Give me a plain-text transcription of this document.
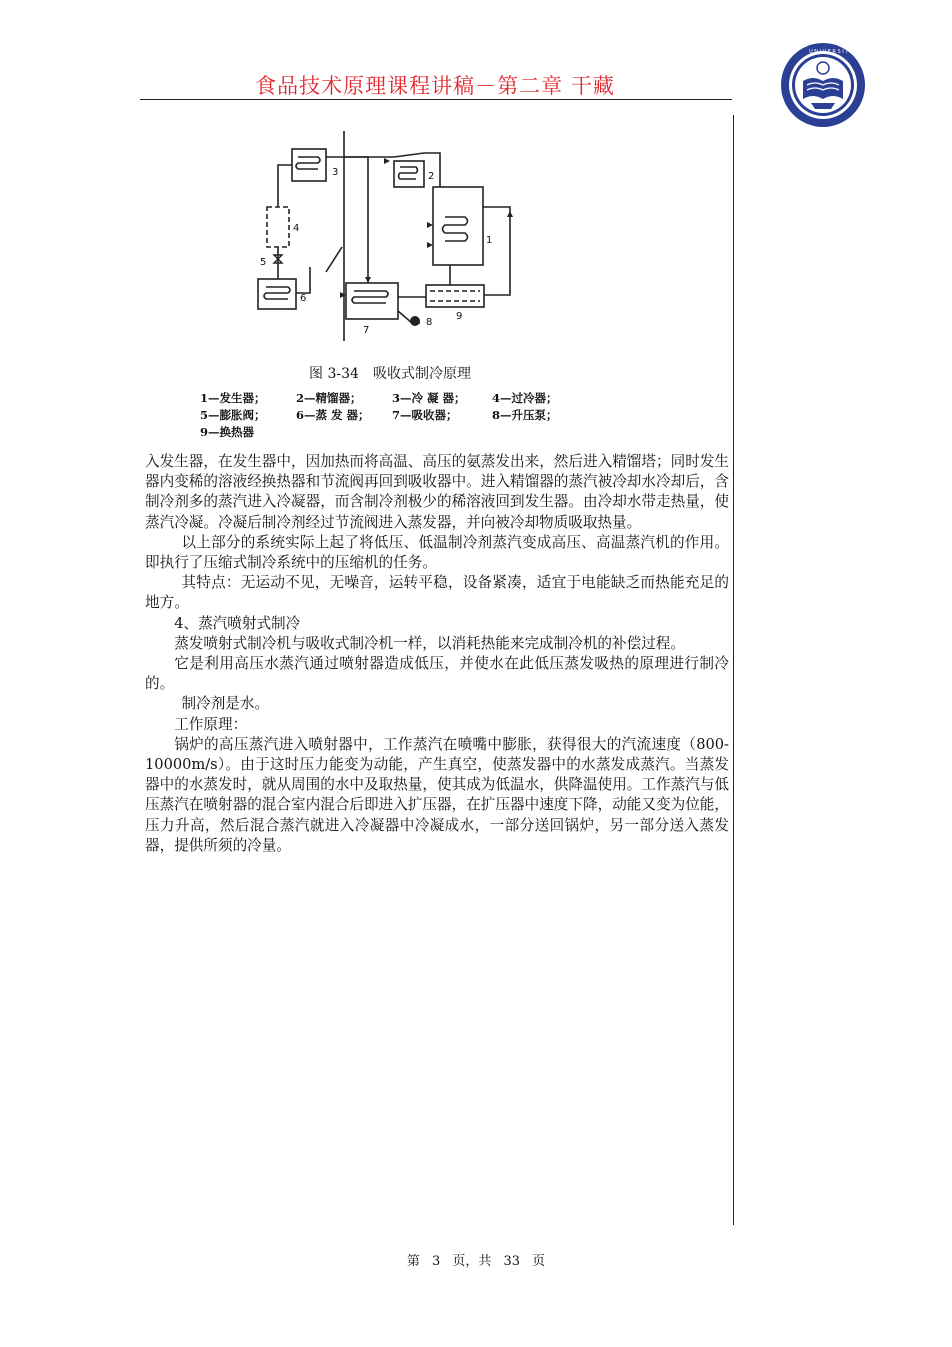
食品技术原理课程讲稿－第二章 干藏
U N I V E R S I T Y
3	2
1
4
5
6
7
8
9
图 3-34 吸收式制冷原理
1—发生器；	2—精馏器；	3—冷 凝 器； 4—过冷器；
5—膨胀阀；	6—蒸 发 器； 7—吸收器；	8—升压泵；
9—换热器

入发生器，在发生器中，因加热而将高温、高压的氨蒸发出来，然后进入精馏塔；同时发生器内变稀的溶液经换热器和节流阀再回到吸收器中。进入精馏器的蒸汽被冷却水冷却后，含制冷剂多的蒸汽进入冷凝器，而含制冷剂极少的稀溶液回到发生器。由冷却水带走热量，使蒸汽冷凝。冷凝后制冷剂经过节流阀进入蒸发器，并向被冷却物质吸取热量。

以上部分的系统实际上起了将低压、低温制冷剂蒸汽变成高压、高温蒸汽机的作用。即执行了压缩式制冷系统中的压缩机的任务。

其特点：无运动不见，无噪音，运转平稳，设备紧凑，适宜于电能缺乏而热能充足的地方。

4、蒸汽喷射式制冷

蒸发喷射式制冷机与吸收式制冷机一样，以消耗热能来完成制冷机的补偿过程。

它是利用高压水蒸汽通过喷射器造成低压，并使水在此低压蒸发吸热的原理进行制冷的。

制冷剂是水。

工作原理：

锅炉的高压蒸汽进入喷射器中，工作蒸汽在喷嘴中膨胀，获得很大的汽流速度（800-10000m/s）。由于这时压力能变为动能，产生真空，使蒸发器中的水蒸发成蒸汽。当蒸发器中的水蒸发时，就从周围的水中及取热量，使其成为低温水，供降温使用。工作蒸汽与低压蒸汽在喷射器的混合室内混合后即进入扩压器，在扩压器中速度下降，动能又变为位能，压力升高，然后混合蒸汽就进入冷凝器中冷凝成水，一部分送回锅炉，另一部分送入蒸发器，提供所须的冷量。

第 3 页，共 33 页
